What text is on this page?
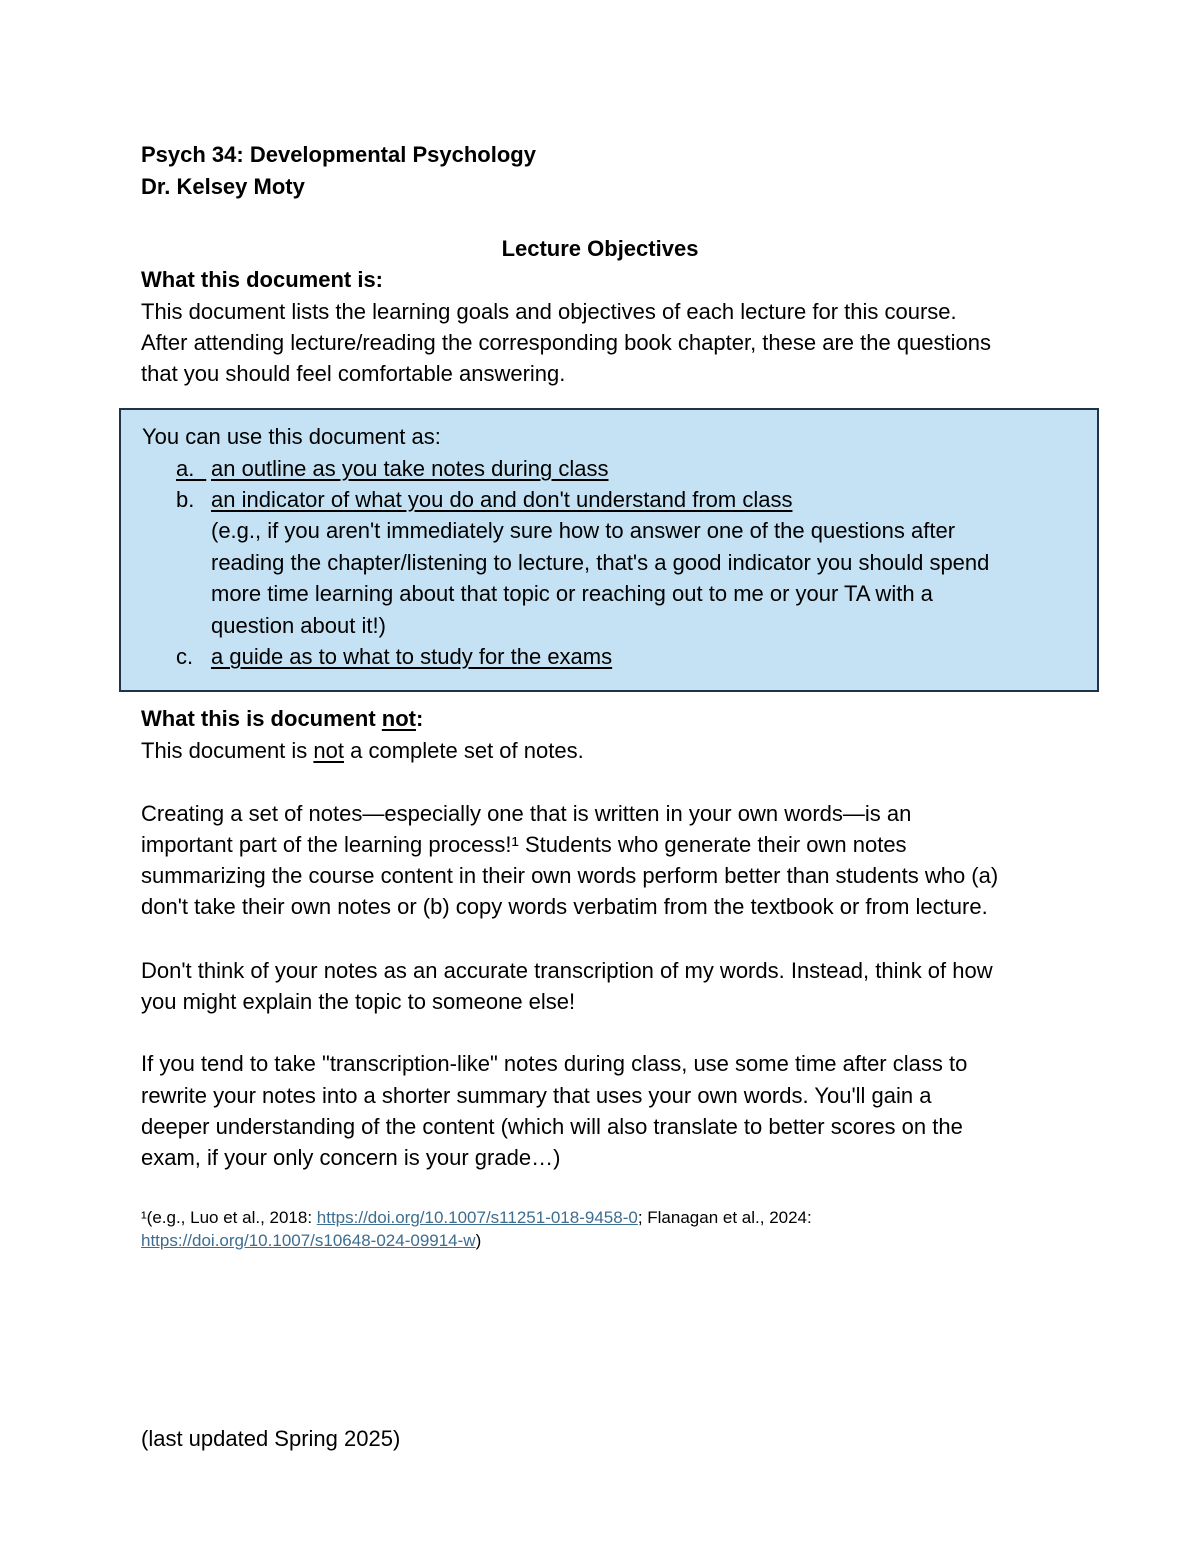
Psych 34: Developmental Psychology
Dr. Kelsey Moty
Lecture Objectives
What this document is:
This document lists the learning goals and objectives of each lecture for this course.
After attending lecture/reading the corresponding book chapter, these are the questions
that you should feel comfortable answering.
You can use this document as:
a.
an outline as you take notes during class
b. an indicator of what you do and don't understand from class
(e.g., if you aren't immediately sure how to answer one of the questions after
reading the chapter/listening to lecture, that's a good indicator you should spend
more time learning about that topic or reaching out to me or your TA with a
question about it!)
c. a guide as to what to study for the exams
What this is document not:
This document is not a complete set of notes.
Creating a set of notes—especially one that is written in your own words—is an
important part of the learning process!¹ Students who generate their own notes
summarizing the course content in their own words perform better than students who (a)
don't take their own notes or (b) copy words verbatim from the textbook or from lecture.
Don't think of your notes as an accurate transcription of my words. Instead, think of how
you might explain the topic to someone else!
If you tend to take "transcription-like" notes during class, use some time after class to
rewrite your notes into a shorter summary that uses your own words. You'll gain a
deeper understanding of the content (which will also translate to better scores on the
exam, if your only concern is your grade…)
¹(e.g., Luo et al., 2018: https://doi.org/10.1007/s11251-018-9458-0; Flanagan et al., 2024:
https://doi.org/10.1007/s10648-024-09914-w)
(last updated Spring 2025)
